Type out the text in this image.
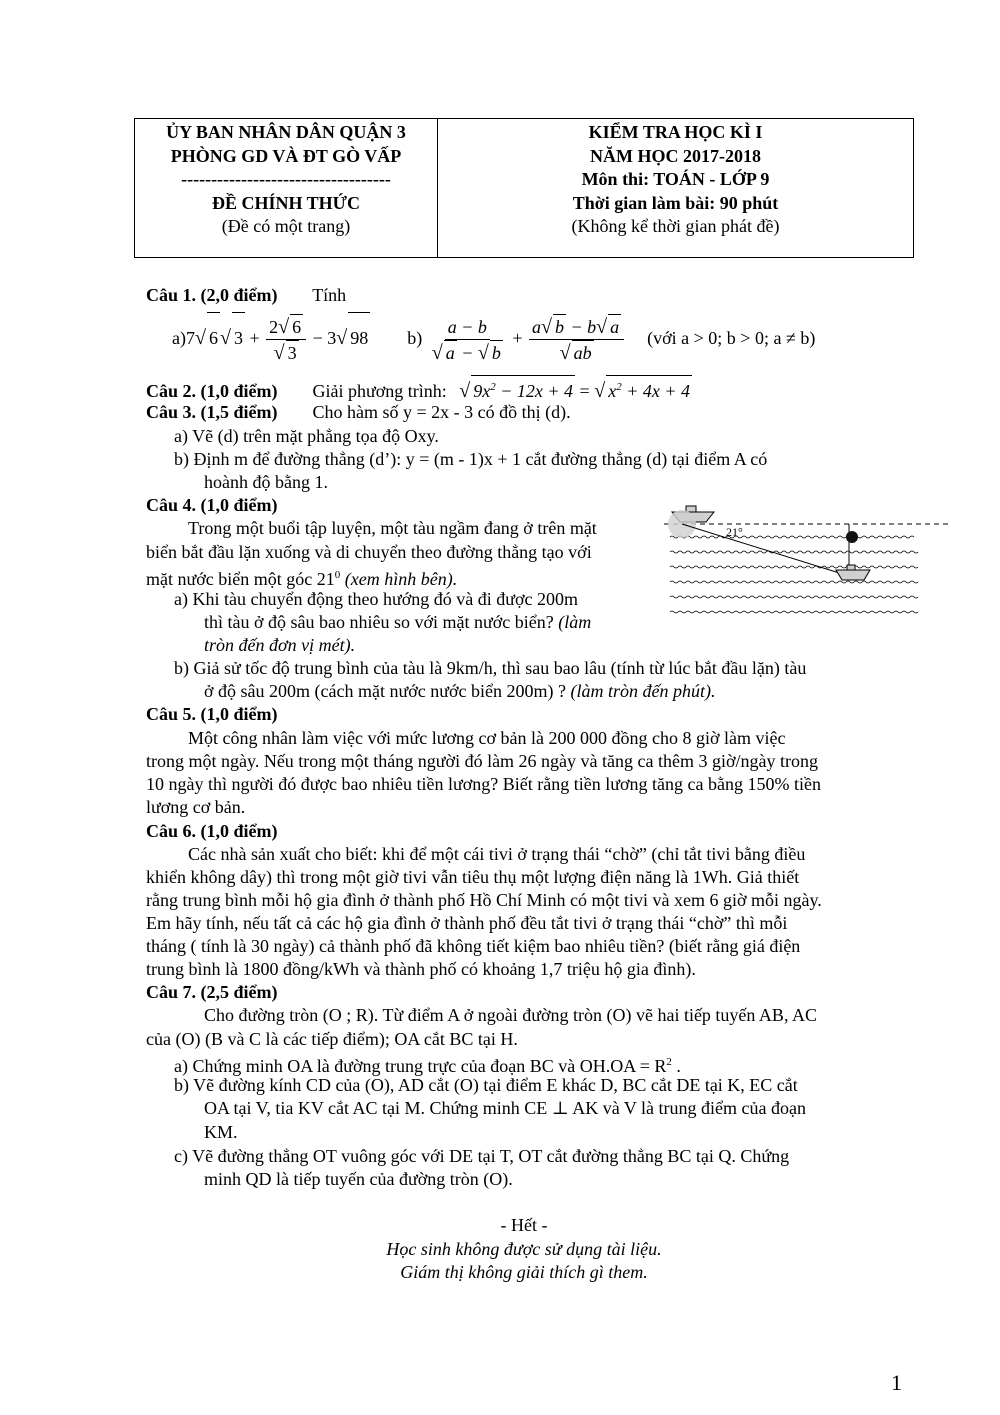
ỦY BAN NHÂN DÂN QUẬN 3
PHÒNG GD VÀ ĐT GÒ VẤP
-----------------------------------
ĐỀ CHÍNH THỨC
(Đề có một trang)
KIỂM TRA HỌC KÌ I
NĂM HỌC 2017-2018
Môn thi: TOÁN - LỚP 9
Thời gian làm bài: 90 phút
(Không kể thời gian phát đề)
Câu 1. (2,0 điểm) Tính
a)7√ 6 √ $3 + \frac{2√ 6}{√ 3} - 3√$ 98 $b) \frac{a - b}{√ a - √ b} + \frac{a√ b - b√ a}{√ ab}$ (với a > 0; b > 0; a ≠ b)
Câu 2. (1,0 điểm) Giải phương trình: √ $9x^2 - 12x + 4$ = √ $x^2 + 4x + 4$
Câu 3. (1,5 điểm) Cho hàm số y = 2x - 3 có đồ thị (d).
a) Vẽ (d) trên mặt phẳng tọa độ Oxy.
b) Định m để đường thẳng (d’): y = (m - 1)x + 1 cắt đường thẳng (d) tại điểm A có
hoành độ bằng 1.
Câu 4. (1,0 điểm)
Trong một buổi tập luyện, một tàu ngầm đang ở trên mặt
biển bắt đầu lặn xuống và di chuyển theo đường thẳng tạo với
mặt nước biển một góc $21^0$ (xem hình bên).
a) Khi tàu chuyển động theo hướng đó và đi được 200m
thì tàu ở độ sâu bao nhiêu so với mặt nước biển? (làm
tròn đến đơn vị mét).
b) Giả sử tốc độ trung bình của tàu là 9km/h, thì sau bao lâu (tính từ lúc bắt đầu lặn) tàu
ở độ sâu 200m (cách mặt nước nước biển 200m) ? (làm tròn đến phút).
21°
Câu 5. (1,0 điểm)
Một công nhân làm việc với mức lương cơ bản là 200 000 đồng cho 8 giờ làm việc
trong một ngày. Nếu trong một tháng người đó làm 26 ngày và tăng ca thêm 3 giờ/ngày trong
10 ngày thì người đó được bao nhiêu tiền lương? Biết rằng tiền lương tăng ca bằng 150% tiền
lương cơ bản.
Câu 6. (1,0 điểm)
Các nhà sản xuất cho biết: khi để một cái tivi ở trạng thái “chờ” (chỉ tắt tivi bằng điều
khiển không dây) thì trong một giờ tivi vẫn tiêu thụ một lượng điện năng là 1Wh. Giả thiết
rằng trung bình mỗi hộ gia đình ở thành phố Hồ Chí Minh có một tivi và xem 6 giờ mỗi ngày.
Em hãy tính, nếu tất cả các hộ gia đình ở thành phố đều tắt tivi ở trạng thái “chờ” thì mỗi
tháng ( tính là 30 ngày) cả thành phố đã không tiết kiệm bao nhiêu tiền? (biết rằng giá điện
trung bình là 1800 đồng/kWh và thành phố có khoảng 1,7 triệu hộ gia đình).
Câu 7. (2,5 điểm)
Cho đường tròn (O ; R). Từ điểm A ở ngoài đường tròn (O) vẽ hai tiếp tuyến AB, AC
của (O) (B và C là các tiếp điểm); OA cắt BC tại H.
a) Chứng minh OA là đường trung trực của đoạn BC và $OH.OA = R^2$ .
b) Vẽ đường kính CD của (O), AD cắt (O) tại điểm E khác D, BC cắt DE tại K, EC cắt
OA tại V, tia KV cắt AC tại M. Chứng minh CE ⊥ AK và V là trung điểm của đoạn
KM.
c) Vẽ đường thẳng OT vuông góc với DE tại T, OT cắt đường thẳng BC tại Q. Chứng
minh QD là tiếp tuyến của đường tròn (O).
- Hết -
Học sinh không được sử dụng tài liệu.
Giám thị không giải thích gì them.
1
